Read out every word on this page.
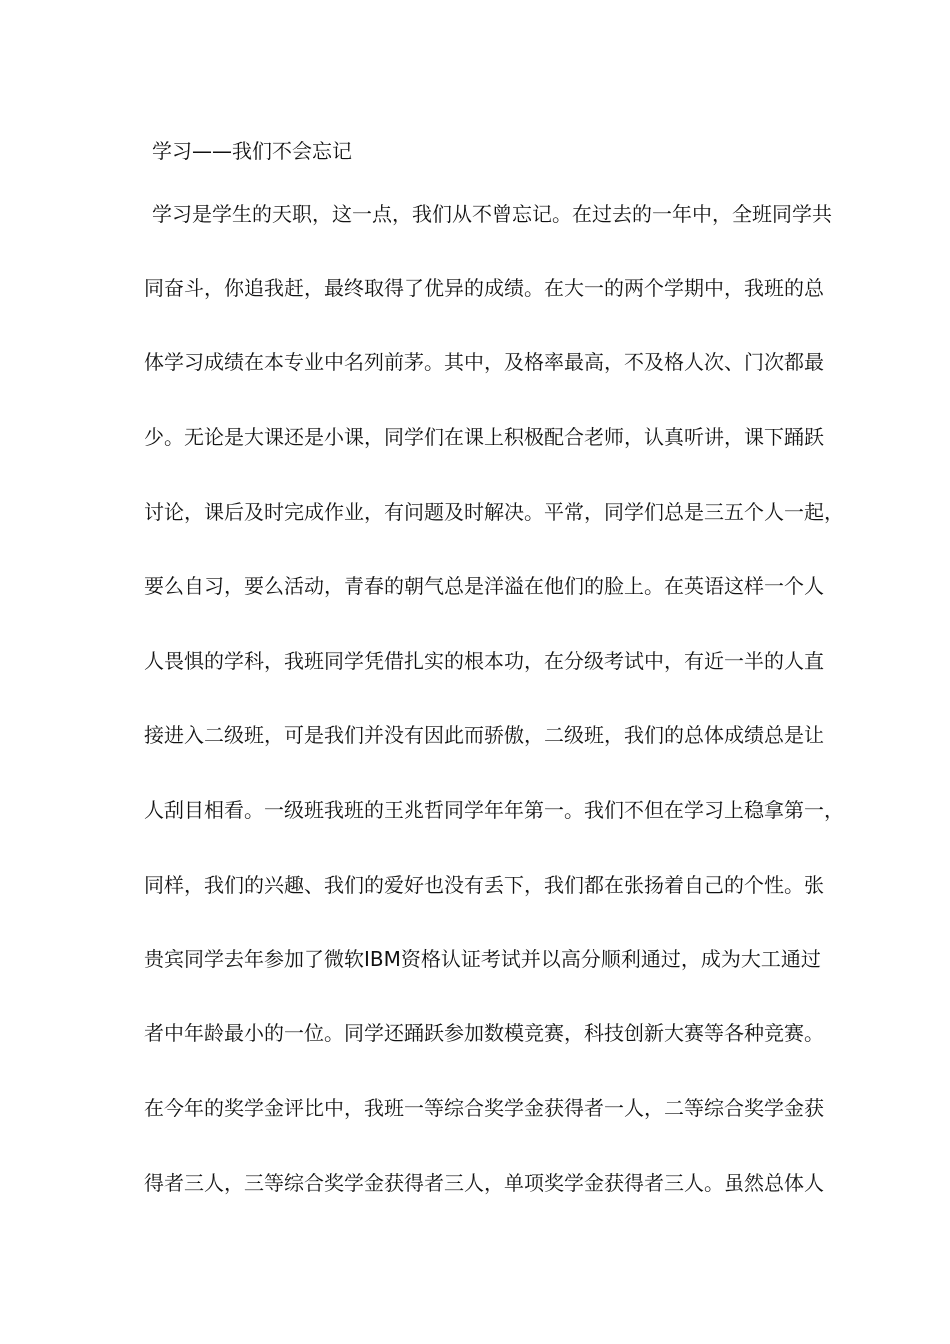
学习——我们不会忘记
学习是学生的天职，这一点，我们从不曾忘记。在过去的一年中，全班同学共
同奋斗，你追我赶，最终取得了优异的成绩。在大一的两个学期中，我班的总
体学习成绩在本专业中名列前茅。其中，及格率最高，不及格人次、门次都最
少。无论是大课还是小课，同学们在课上积极配合老师，认真听讲，课下踊跃
讨论，课后及时完成作业，有问题及时解决。平常，同学们总是三五个人一起，
要么自习，要么活动，青春的朝气总是洋溢在他们的脸上。在英语这样一个人
人畏惧的学科，我班同学凭借扎实的根本功，在分级考试中，有近一半的人直
接进入二级班，可是我们并没有因此而骄傲，二级班，我们的总体成绩总是让
人刮目相看。一级班我班的王兆哲同学年年第一。我们不但在学习上稳拿第一，
同样，我们的兴趣、我们的爱好也没有丢下，我们都在张扬着自己的个性。张
贵宾同学去年参加了微软IBM资格认证考试并以高分顺利通过，成为大工通过
者中年龄最小的一位。同学还踊跃参加数模竞赛，科技创新大赛等各种竞赛。
在今年的奖学金评比中，我班一等综合奖学金获得者一人，二等综合奖学金获
得者三人，三等综合奖学金获得者三人，单项奖学金获得者三人。虽然总体人
